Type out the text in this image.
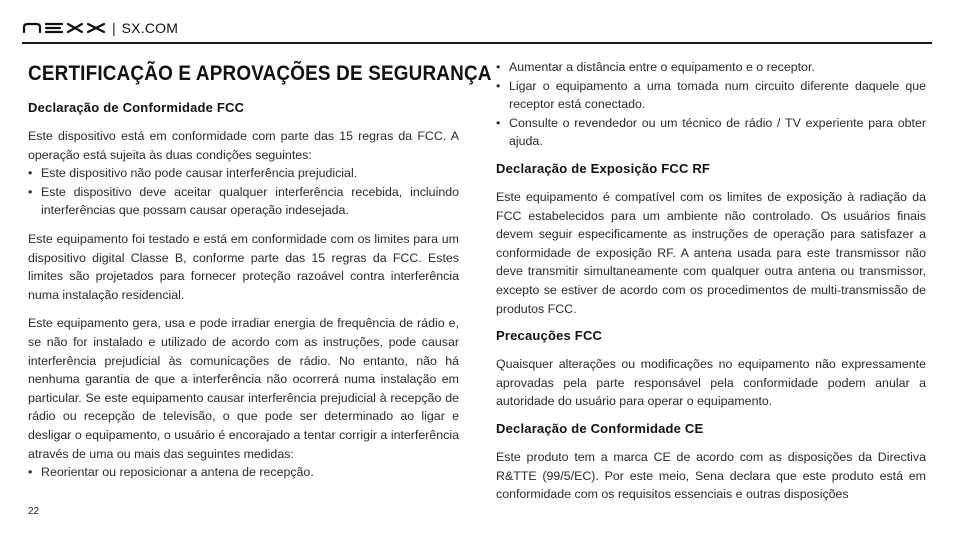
| SX.COM
CERTIFICAÇÃO E APROVAÇÕES DE SEGURANÇA
Declaração de Conformidade FCC

Este dispositivo está em conformidade com parte das 15 regras da FCC. A operação está sujeita às duas condições seguintes:

• Este dispositivo não pode causar interferência prejudicial.
• Este dispositivo deve aceitar qualquer interferência recebida, incluindo interferências que possam causar operação indesejada.

Este equipamento foi testado e está em conformidade com os limites para um dispositivo digital Classe B, conforme parte das 15 regras da FCC. Estes limites são projetados para fornecer proteção razoável contra interferência numa instalação residencial.

Este equipamento gera, usa e pode irradiar energia de frequência de rádio e, se não for instalado e utilizado de acordo com as instruções, pode causar interferência prejudicial às comunicações de rádio. No entanto, não há nenhuma garantia de que a interferência não ocorrerá numa instalação em particular. Se este equipamento causar interferência prejudicial à recepção de rádio ou recepção de televisão, o que pode ser determinado ao ligar e desligar o equipamento, o usuário é encorajado a tentar corrigir a interferência através de uma ou mais das seguintes medidas:

• Reorientar ou reposicionar a antena de recepção.
• Aumentar a distância entre o equipamento e o receptor.
• Ligar o equipamento a uma tomada num circuito diferente daquele que receptor está conectado.
• Consulte o revendedor ou um técnico de rádio / TV experiente para obter ajuda.
Declaração de Exposição FCC RF

Este equipamento é compatível com os limites de exposição à radiação da FCC estabelecidos para um ambiente não controlado. Os usuários finais devem seguir especificamente as instruções de operação para satisfazer a conformidade de exposição RF. A antena usada para este transmissor não deve transmitir simultaneamente com qualquer outra antena ou transmissor, excepto se estiver de acordo com os procedimentos de multi-transmissão de produtos FCC.

Precauções FCC

Quaisquer alterações ou modificações no equipamento não expressamente aprovadas pela parte responsável pela conformidade podem anular a autoridade do usuário para operar o equipamento.

Declaração de Conformidade CE

Este produto tem a marca CE de acordo com as disposições da Directiva R&TTE (99/5/EC). Por este meio, Sena declara que este produto está em conformidade com os requisitos essenciais e outras disposições

22
